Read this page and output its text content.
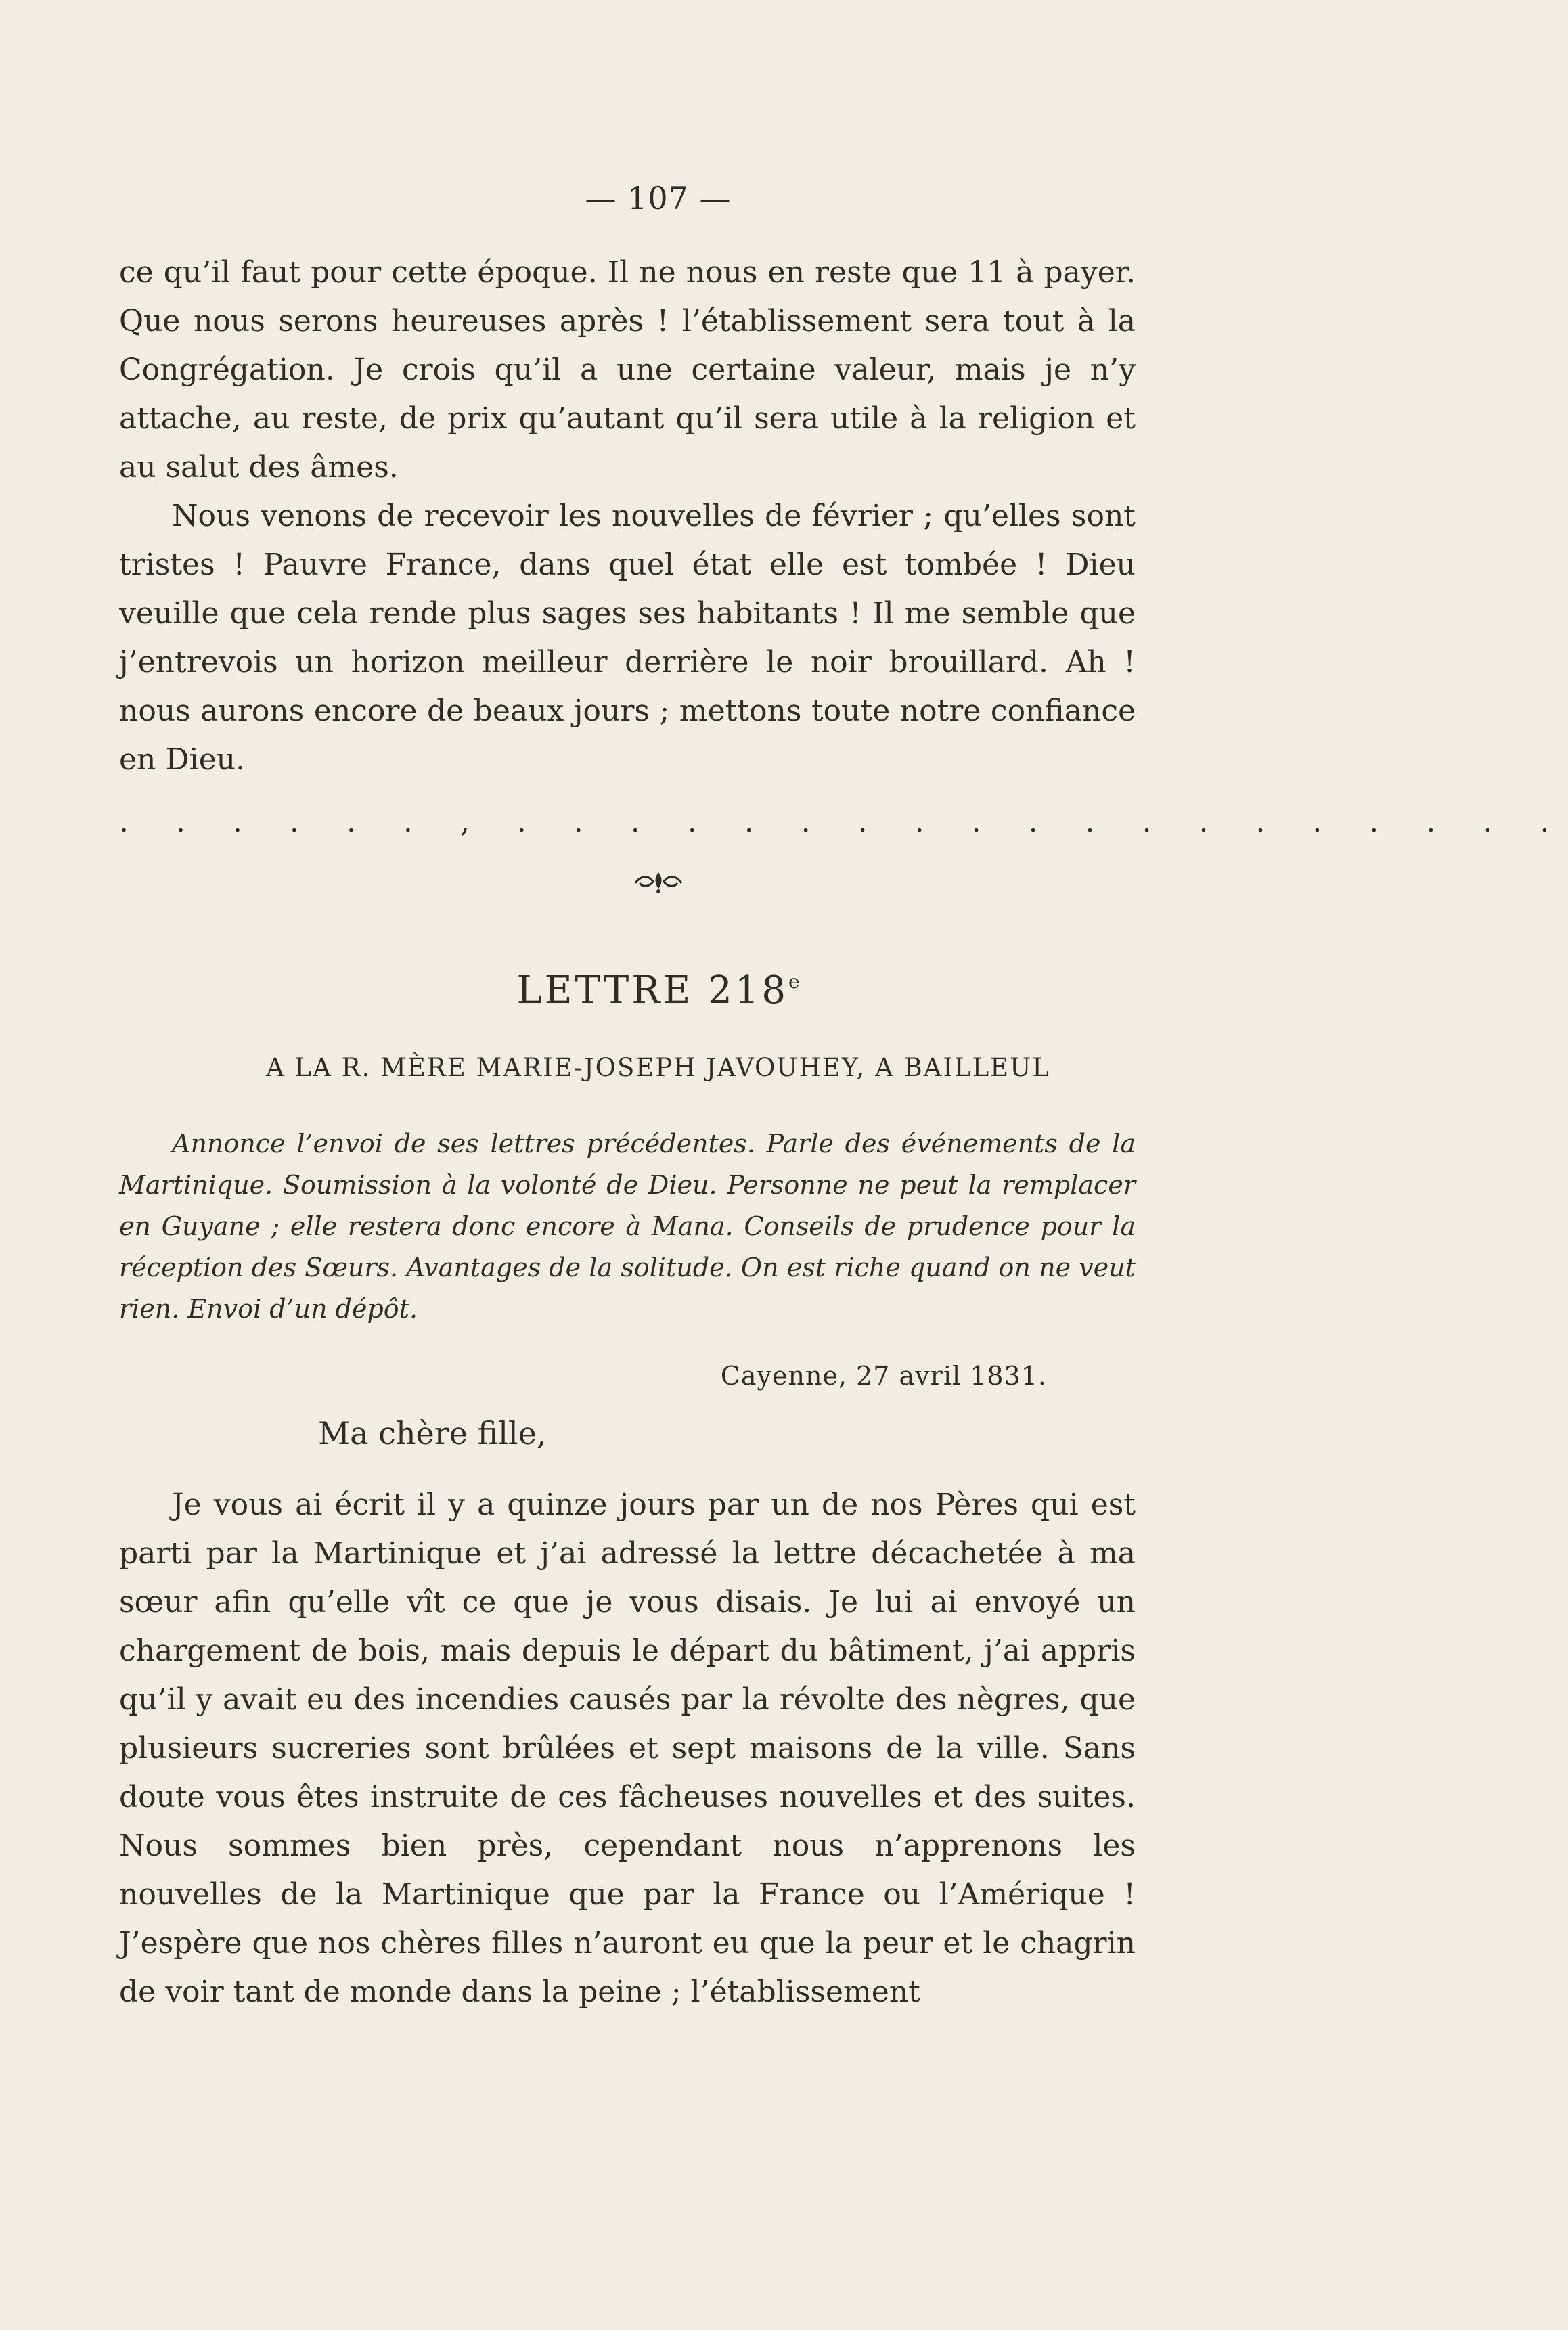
— 107 —

ce qu’il faut pour cette époque. Il ne nous en reste que 11 à payer. Que nous serons heureuses après ! l’établissement sera tout à la Congrégation. Je crois qu’il a une certaine valeur, mais je n’y attache, au reste, de prix qu’autant qu’il sera utile à la religion et au salut des âmes.

Nous venons de recevoir les nouvelles de février ; qu’elles sont tristes ! Pauvre France, dans quel état elle est tombée ! Dieu veuille que cela rende plus sages ses habitants ! Il me semble que j’entrevois un horizon meilleur derrière le noir brouillard. Ah ! nous aurons encore de beaux jours ; mettons toute notre confiance en Dieu.

. . . . . . , . . . . . . . . . . . . . . . . . . .
LETTRE 218e
A LA R. MÈRE MARIE-JOSEPH JAVOUHEY, A BAILLEUL

Annonce l’envoi de ses lettres précédentes. Parle des événements de la Martinique. Soumission à la volonté de Dieu. Personne ne peut la remplacer en Guyane ; elle restera donc encore à Mana. Conseils de prudence pour la réception des Sœurs. Avantages de la solitude. On est riche quand on ne veut rien. Envoi d’un dépôt.

Cayenne, 27 avril 1831.
Ma chère fille,

Je vous ai écrit il y a quinze jours par un de nos Pères qui est parti par la Martinique et j’ai adressé la lettre décachetée à ma sœur afin qu’elle vît ce que je vous disais. Je lui ai envoyé un chargement de bois, mais depuis le départ du bâtiment, j’ai appris qu’il y avait eu des incendies causés par la révolte des nègres, que plusieurs sucreries sont brûlées et sept maisons de la ville. Sans doute vous êtes instruite de ces fâcheuses nouvelles et des suites. Nous sommes bien près, cependant nous n’apprenons les nouvelles de la Martinique que par la France ou l’Amérique ! J’espère que nos chères filles n’auront eu que la peur et le chagrin de voir tant de monde dans la peine ; l’établissement
